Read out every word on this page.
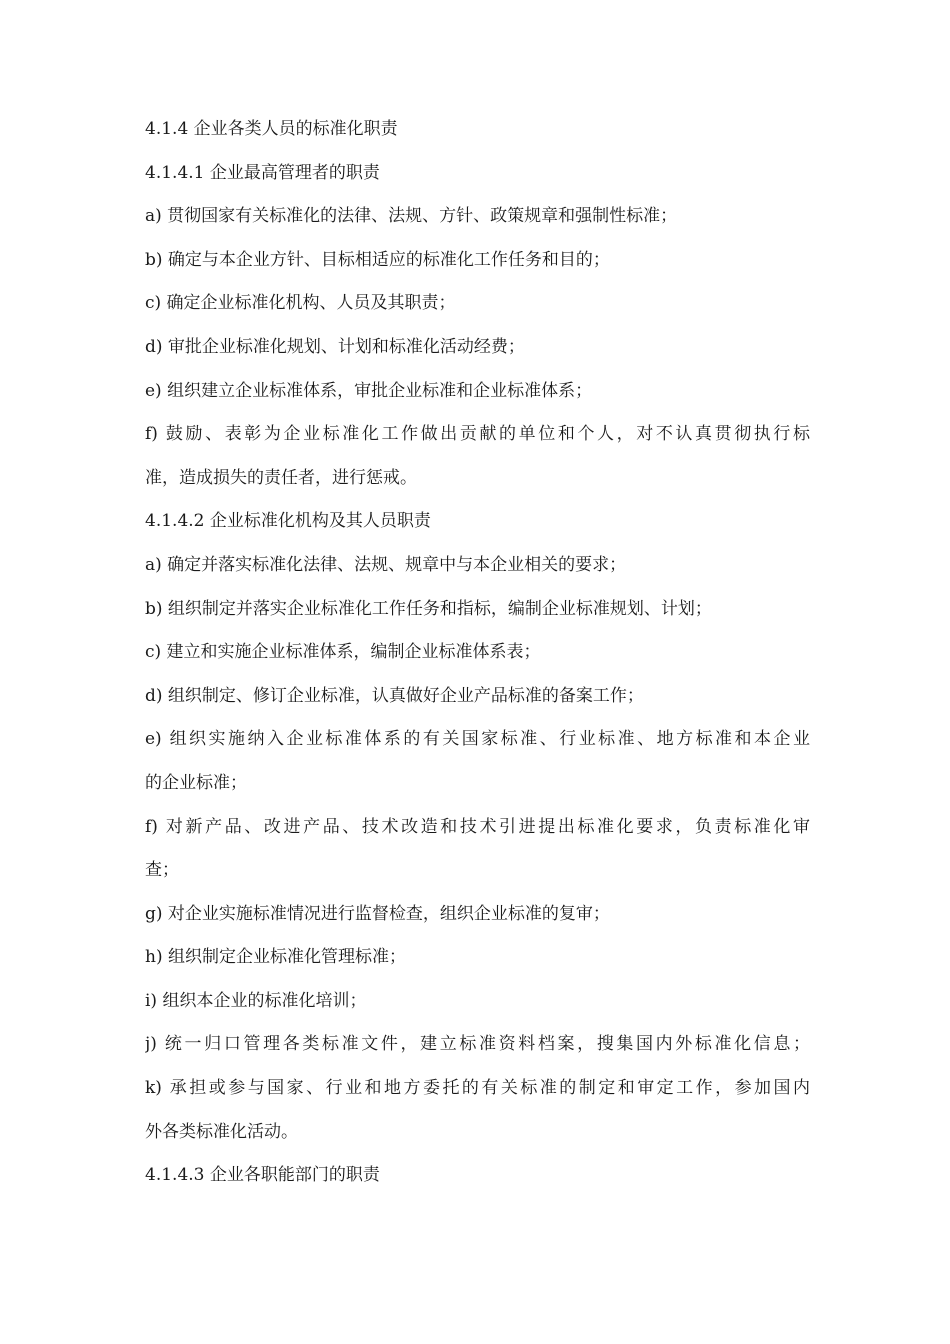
4.1.4 企业各类人员的标准化职责
4.1.4.1 企业最高管理者的职责
a) 贯彻国家有关标准化的法律、法规、方针、政策规章和强制性标准；
b) 确定与本企业方针、目标相适应的标准化工作任务和目的；
c) 确定企业标准化机构、人员及其职责；
d) 审批企业标准化规划、计划和标准化活动经费；
e) 组织建立企业标准体系，审批企业标准和企业标准体系；
f) 鼓励、表彰为企业标准化工作做出贡献的单位和个人，对不认真贯彻执行标
准，造成损失的责任者，进行惩戒。
4.1.4.2 企业标准化机构及其人员职责
a) 确定并落实标准化法律、法规、规章中与本企业相关的要求；
b) 组织制定并落实企业标准化工作任务和指标，编制企业标准规划、计划；
c) 建立和实施企业标准体系，编制企业标准体系表；
d) 组织制定、修订企业标准，认真做好企业产品标准的备案工作；
e) 组织实施纳入企业标准体系的有关国家标准、行业标准、地方标准和本企业
的企业标准；
f) 对新产品、改进产品、技术改造和技术引进提出标准化要求，负责标准化审
查；
g) 对企业实施标准情况进行监督检查，组织企业标准的复审；
h) 组织制定企业标准化管理标准；
i) 组织本企业的标准化培训；
j) 统一归口管理各类标准文件，建立标准资料档案，搜集国内外标准化信息；
k) 承担或参与国家、行业和地方委托的有关标准的制定和审定工作，参加国内
外各类标准化活动。
4.1.4.3 企业各职能部门的职责
